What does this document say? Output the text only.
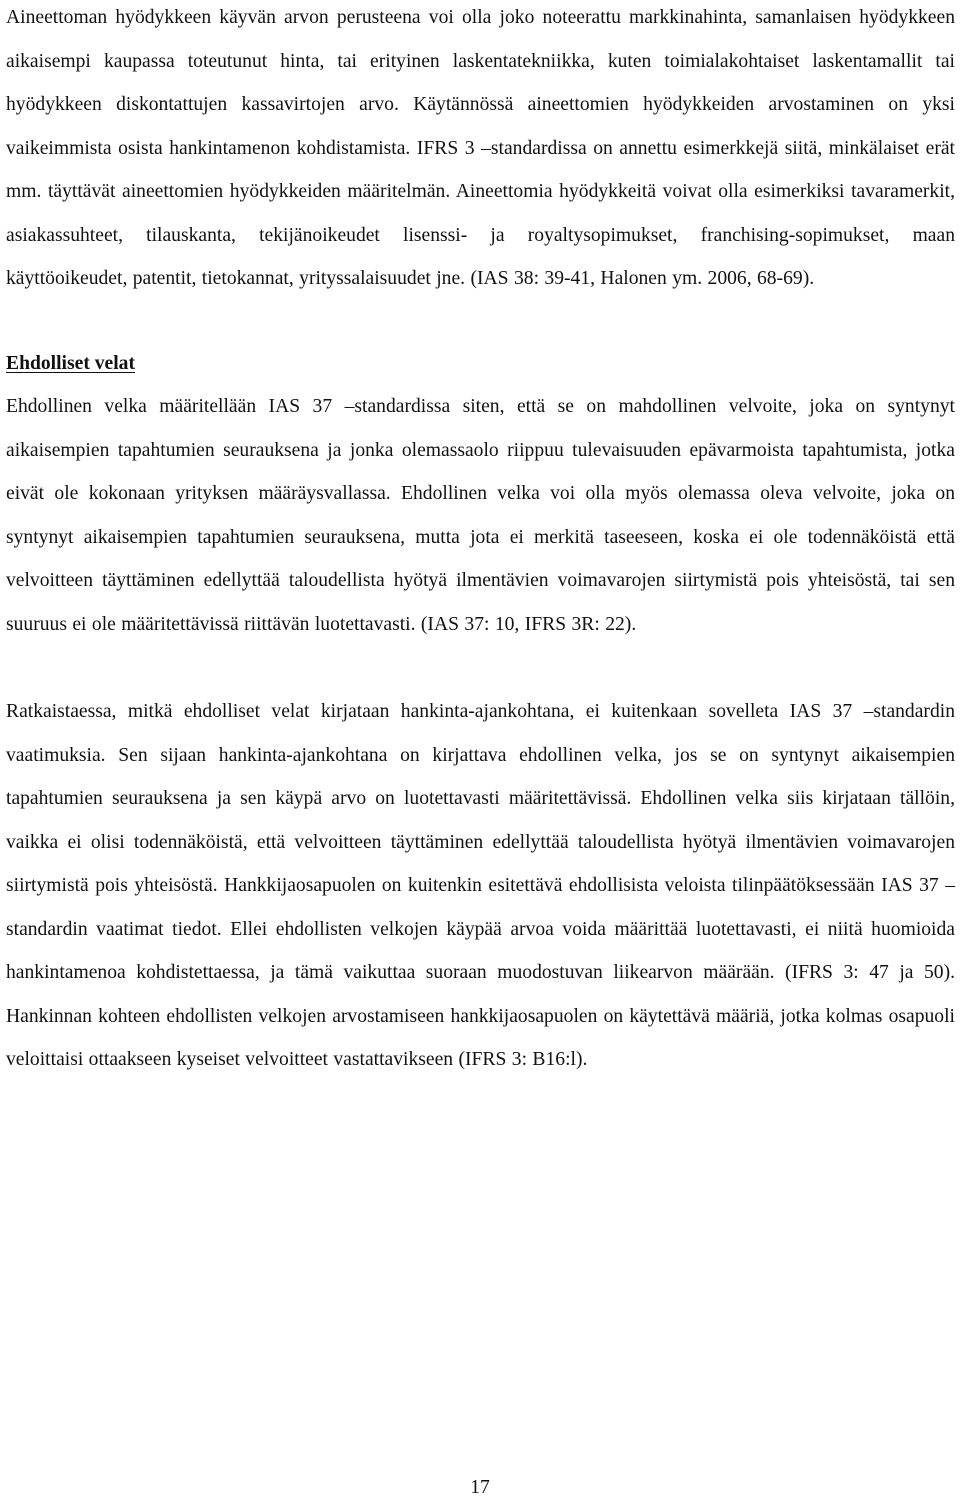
Aineettoman hyödykkeen käyvän arvon perusteena voi olla joko noteerattu markkinahinta, samanlaisen hyödykkeen aikaisempi kaupassa toteutunut hinta, tai erityinen laskentatekniikka, kuten toimialakohtaiset laskentamallit tai hyödykkeen diskontattujen kassavirtojen arvo. Käytännössä aineettomien hyödykkeiden arvostaminen on yksi vaikeimmista osista hankintamenon kohdistamista. IFRS 3 –standardissa on annettu esimerkkejä siitä, minkälaiset erät mm. täyttävät aineettomien hyödykkeiden määritelmän. Aineettomia hyödykkeitä voivat olla esimerkiksi tavaramerkit, asiakassuhteet, tilauskanta, tekijänoikeudet lisenssi- ja royaltysopimukset, franchising-sopimukset, maan käyttöoikeudet, patentit, tietokannat, yrityssalaisuudet jne. (IAS 38: 39-41, Halonen ym. 2006, 68-69).

Ehdolliset velat

Ehdollinen velka määritellään IAS 37 –standardissa siten, että se on mahdollinen velvoite, joka on syntynyt aikaisempien tapahtumien seurauksena ja jonka olemassaolo riippuu tulevaisuuden epävarmoista tapahtumista, jotka eivät ole kokonaan yrityksen määräysvallassa. Ehdollinen velka voi olla myös olemassa oleva velvoite, joka on syntynyt aikaisempien tapahtumien seurauksena, mutta jota ei merkitä taseeseen, koska ei ole todennäköistä että velvoitteen täyttäminen edellyttää taloudellista hyötyä ilmentävien voimavarojen siirtymistä pois yhteisöstä, tai sen suuruus ei ole määritettävissä riittävän luotettavasti. (IAS 37: 10, IFRS 3R: 22).

Ratkaistaessa, mitkä ehdolliset velat kirjataan hankinta-ajankohtana, ei kuitenkaan sovelleta IAS 37 –standardin vaatimuksia. Sen sijaan hankinta-ajankohtana on kirjattava ehdollinen velka, jos se on syntynyt aikaisempien tapahtumien seurauksena ja sen käypä arvo on luotettavasti määritettävissä. Ehdollinen velka siis kirjataan tällöin, vaikka ei olisi todennäköistä, että velvoitteen täyttäminen edellyttää taloudellista hyötyä ilmentävien voimavarojen siirtymistä pois yhteisöstä. Hankkijaosapuolen on kuitenkin esitettävä ehdollisista veloista tilinpäätöksessään IAS 37 –standardin vaatimat tiedot. Ellei ehdollisten velkojen käypää arvoa voida määrittää luotettavasti, ei niitä huomioida hankintamenoa kohdistettaessa, ja tämä vaikuttaa suoraan muodostuvan liikearvon määrään. (IFRS 3: 47 ja 50). Hankinnan kohteen ehdollisten velkojen arvostamiseen hankkijaosapuolen on käytettävä määriä, jotka kolmas osapuoli veloittaisi ottaakseen kyseiset velvoitteet vastattavikseen (IFRS 3: B16:l).

17
